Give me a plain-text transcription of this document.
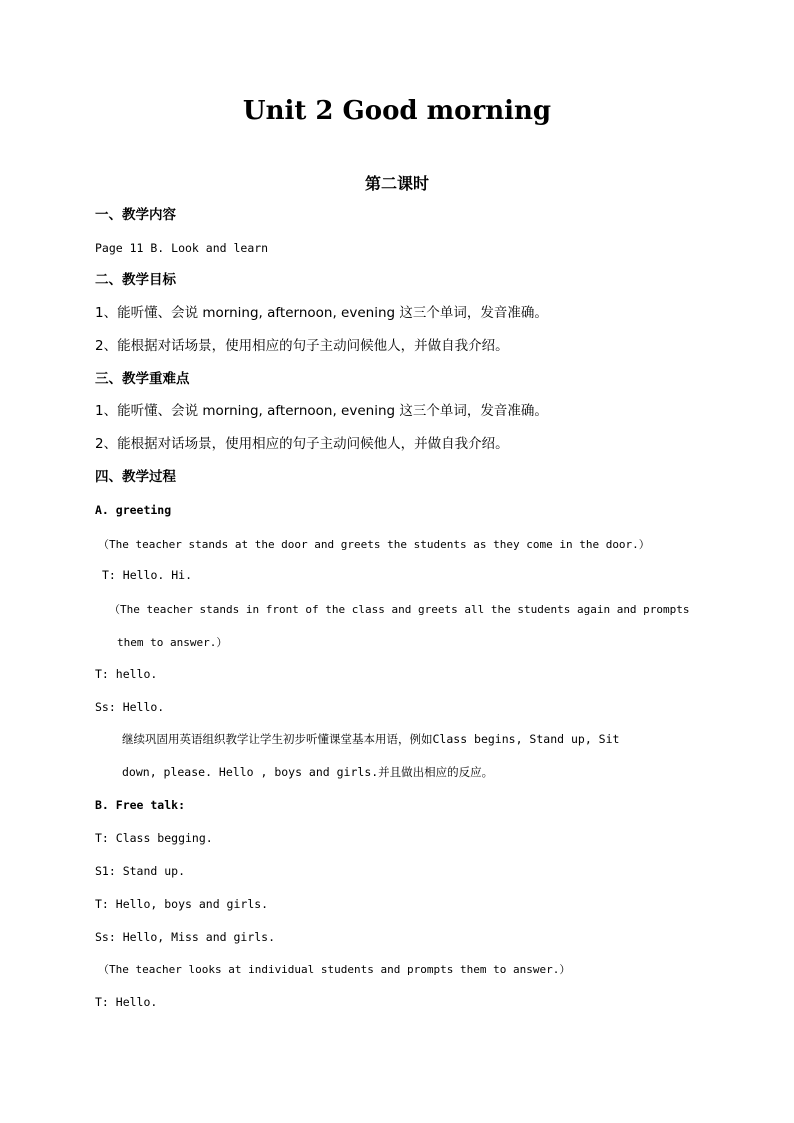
Unit 2 Good morning
第二课时
一、教学内容
Page 11 B. Look and learn
二、教学目标
1、能听懂、会说 morning, afternoon, evening 这三个单词，发音准确。
2、能根据对话场景，使用相应的句子主动问候他人，并做自我介绍。
三、教学重难点
1、能听懂、会说 morning, afternoon, evening 这三个单词，发音准确。
2、能根据对话场景，使用相应的句子主动问候他人，并做自我介绍。
四、教学过程
A. greeting
（The teacher stands at the door and greets the students as they come in the door.）
T: Hello. Hi.
（The teacher stands in front of the class and greets all the students again and prompts
them to answer.）
T: hello.
Ss: Hello.
继续巩固用英语组织教学让学生初步听懂课堂基本用语，例如Class begins, Stand up, Sit
down, please. Hello , boys and girls.并且做出相应的反应。
B. Free talk:
T: Class begging.
S1: Stand up.
T: Hello, boys and girls.
Ss: Hello, Miss and girls.
（The teacher looks at individual students and prompts them to answer.）
T: Hello.
